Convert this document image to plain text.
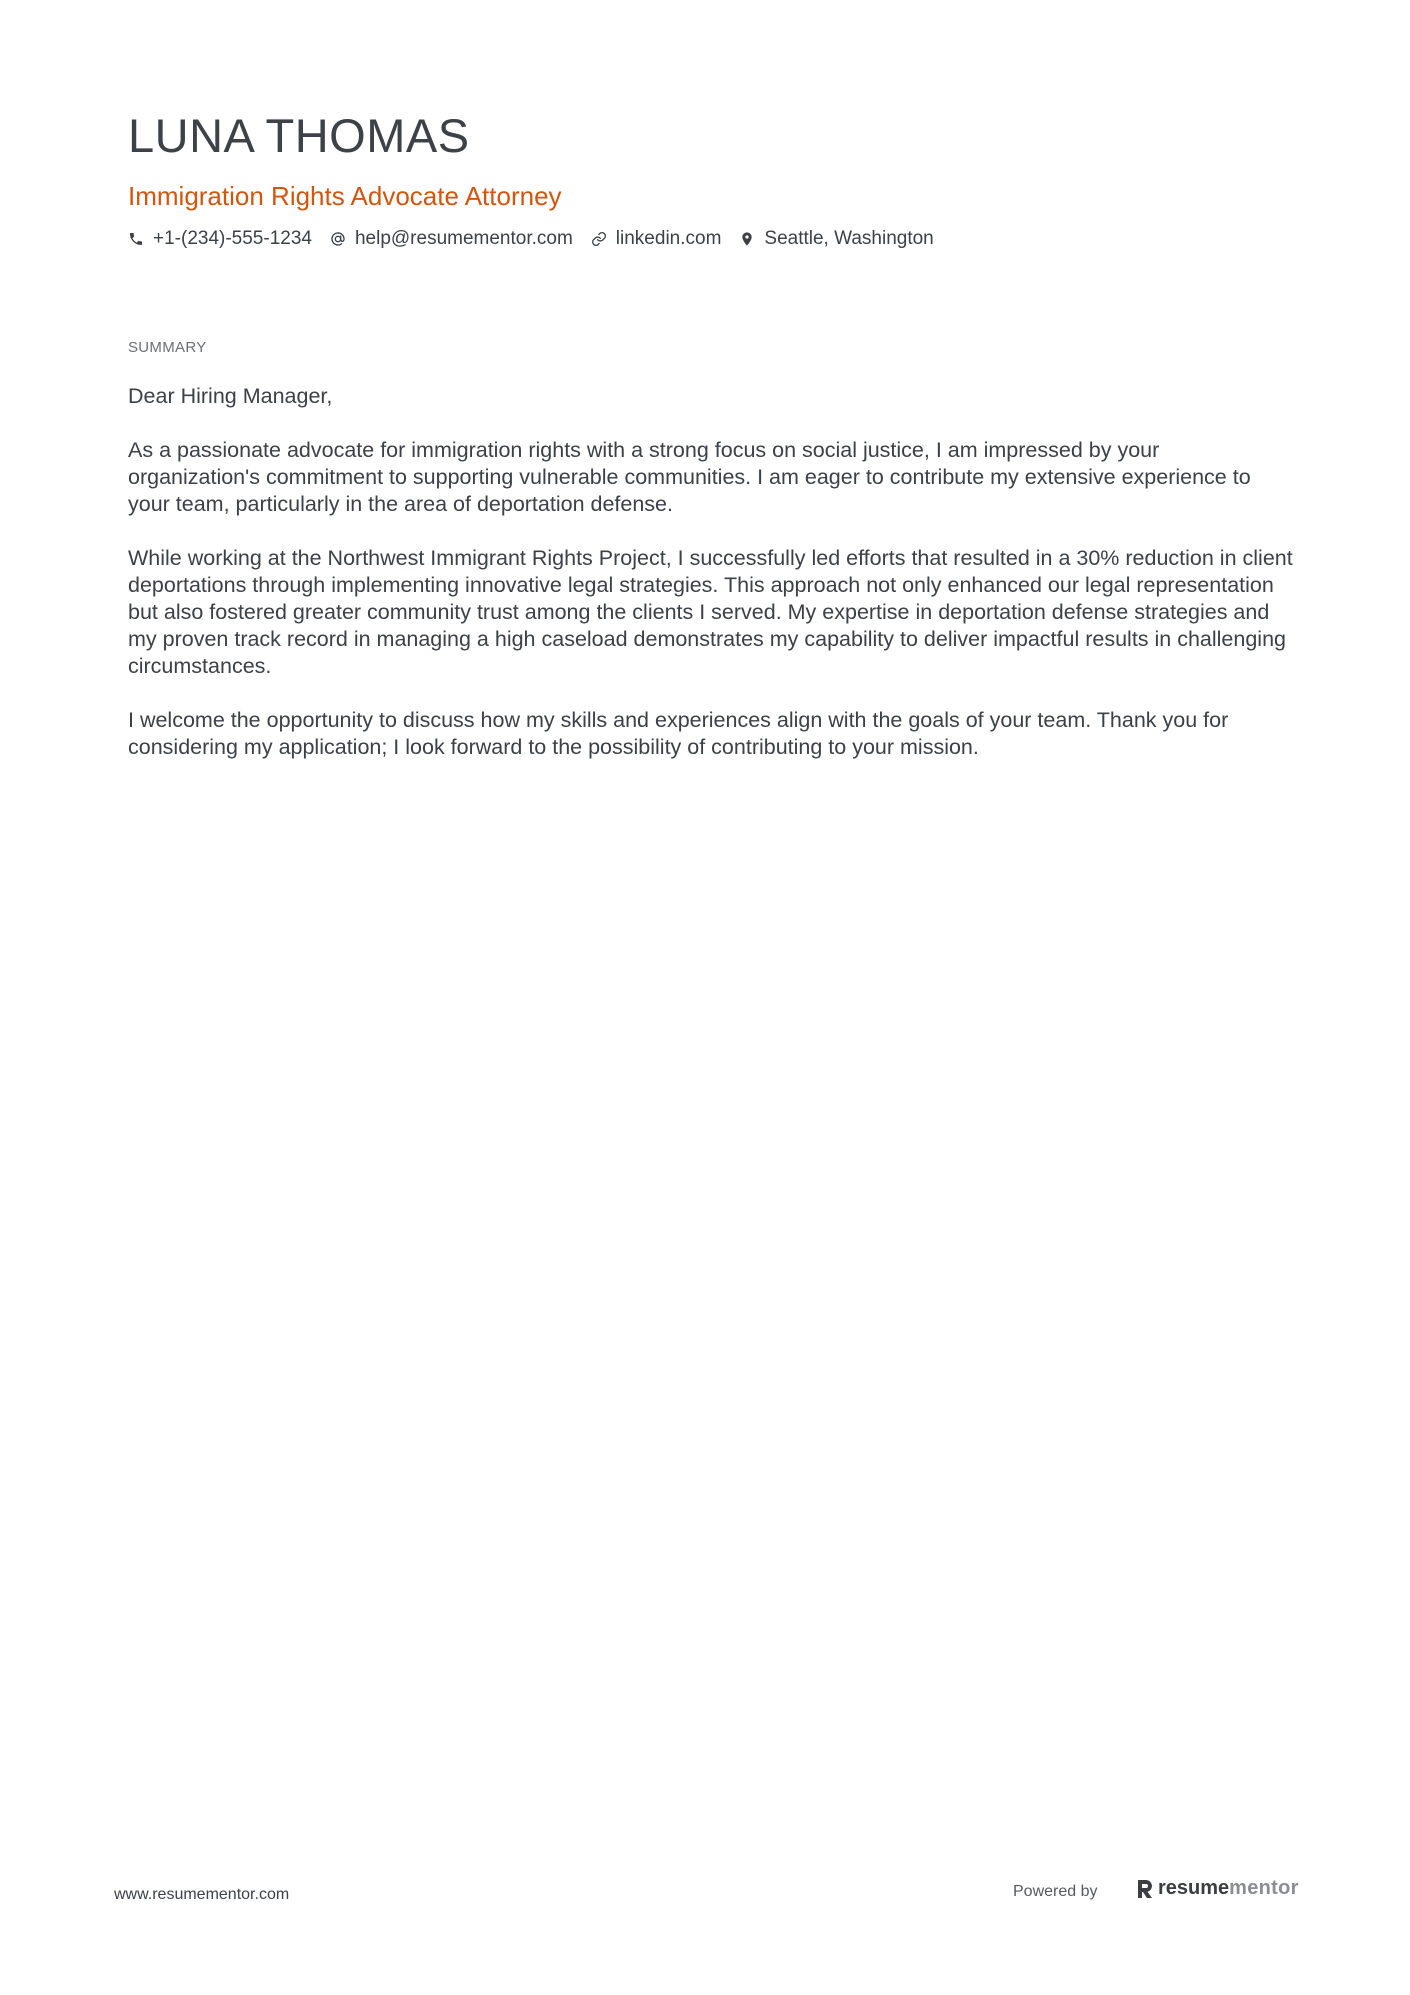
LUNA THOMAS
Immigration Rights Advocate Attorney
+1-(234)-555-1234 help@resumementor.com linkedin.com Seattle, Washington
SUMMARY

Dear Hiring Manager,

As a passionate advocate for immigration rights with a strong focus on social justice, I am impressed by your organization's commitment to supporting vulnerable communities. I am eager to contribute my extensive experience to your team, particularly in the area of deportation defense.

While working at the Northwest Immigrant Rights Project, I successfully led efforts that resulted in a 30% reduction in client deportations through implementing innovative legal strategies. This approach not only enhanced our legal representation but also fostered greater community trust among the clients I served. My expertise in deportation defense strategies and my proven track record in managing a high caseload demonstrates my capability to deliver impactful results in challenging circumstances.

I welcome the opportunity to discuss how my skills and experiences align with the goals of your team. Thank you for considering my application; I look forward to the possibility of contributing to your mission.

www.resumementor.com	Powered by	resume mentor
